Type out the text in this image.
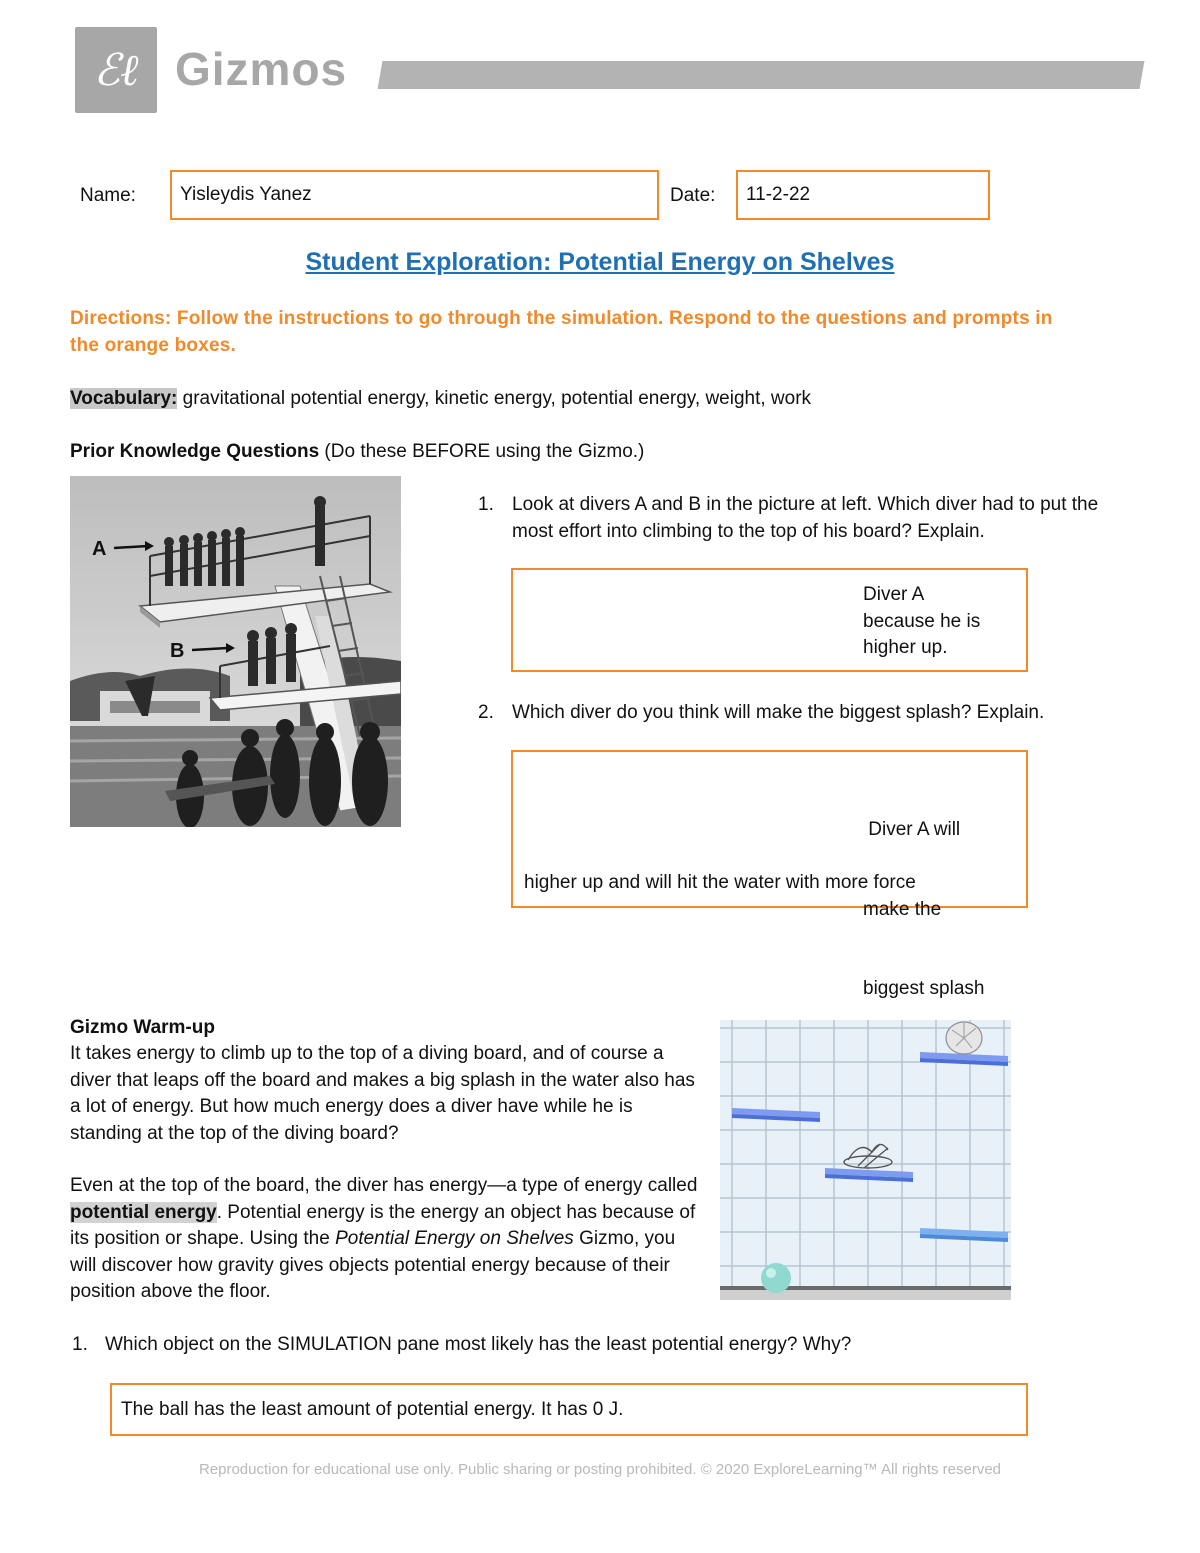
ℰℓ Gizmos
Name:	Yisleydis Yanez	Date:	11-2-22
Student Exploration: Potential Energy on Shelves
Directions: Follow the instructions to go through the simulation. Respond to the questions and prompts in the orange boxes.
Vocabulary: gravitational potential energy, kinetic energy, potential energy, weight, work
Prior Knowledge Questions (Do these BEFORE using the Gizmo.)
A
B
1. Look at divers A and B in the picture at left. Which diver had to put the most effort into climbing to the top of his board? Explain.
Diver A
because he is
higher up.
2. Which diver do you think will make the biggest splash? Explain.

Diver A will

make the

biggest splash

higher up and will hit the water with more force
Gizmo Warm-up
It takes energy to climb up to the top of a diving board, and of course a diver that leaps off the board and makes a big splash in the water also has a lot of energy. But how much energy does a diver have while he is standing at the top of the diving board?
Even at the top of the board, the diver has energy—a type of energy called potential energy. Potential energy is the energy an object has because of its position or shape. Using the Potential Energy on Shelves Gizmo, you will discover how gravity gives objects potential energy because of their position above the floor.
1. Which object on the SIMULATION pane most likely has the least potential energy? Why?
The ball has the least amount of potential energy. It has 0 J.
Reproduction for educational use only. Public sharing or posting prohibited. © 2020 ExploreLearning™ All rights reserved
